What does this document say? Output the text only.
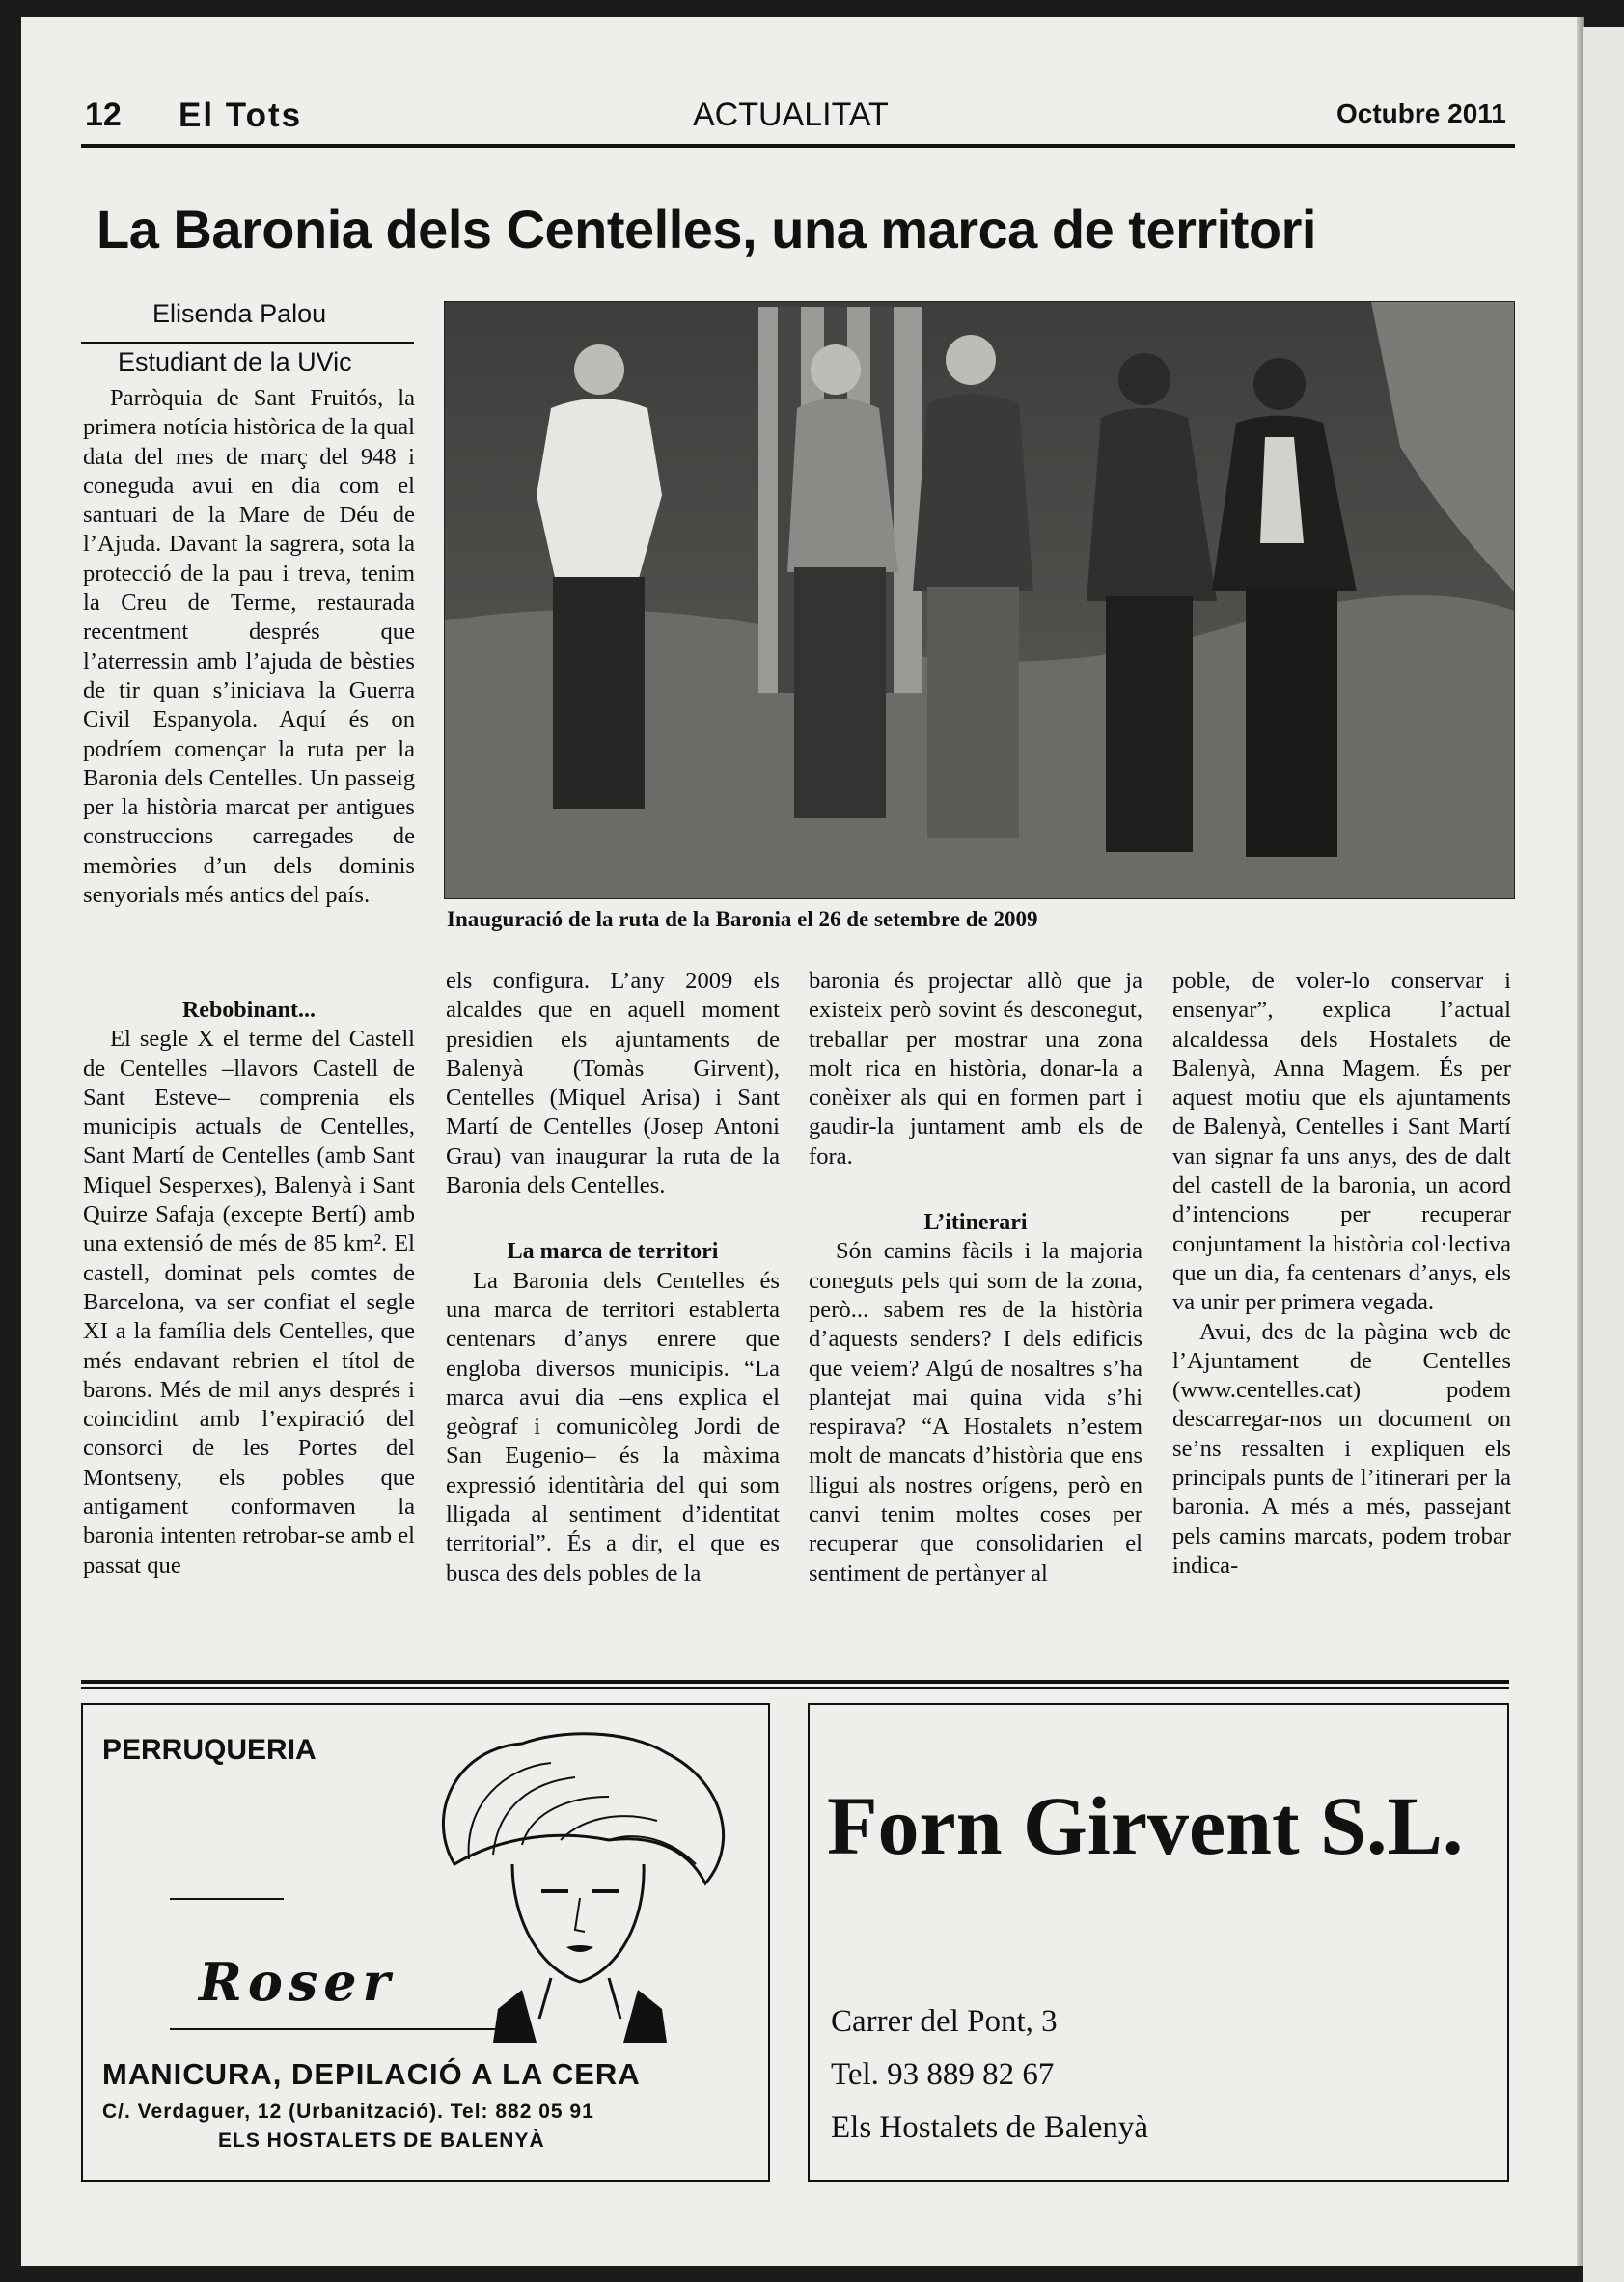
12 El Tots	ACTUALITAT	Octubre 2011
La Baronia dels Centelles, una marca de territori
Elisenda Palou
Estudiant de la UVic
Inauguració de la ruta de la Baronia el 26 de setembre de 2009

Parròquia de Sant Fruitós, la primera notícia històrica de la qual data del mes de març del 948 i coneguda avui en dia com el santuari de la Mare de Déu de l’Ajuda. Davant la sagrera, sota la protecció de la pau i treva, tenim la Creu de Terme, restaurada recentment després que l’aterressin amb l’ajuda de bèsties de tir quan s’iniciava la Guerra Civil Espanyola. Aquí és on podríem començar la ruta per la Baronia dels Centelles. Un passeig per la història marcat per antigues construccions carregades de memòries d’un dels dominis senyorials més antics del país.

Rebobinant...

El segle X el terme del Castell de Centelles –llavors Castell de Sant Esteve– comprenia els municipis actuals de Centelles, Sant Martí de Centelles (amb Sant Miquel Sesperxes), Balenyà i Sant Quirze Safaja (excepte Bertí) amb una extensió de més de 85 km². El castell, dominat pels comtes de Barcelona, va ser confiat el segle XI a la família dels Centelles, que més endavant rebrien el títol de barons. Més de mil anys després i coincidint amb l’expiració del consorci de les Portes del Montseny, els pobles que antigament conformaven la baronia intenten retrobar-se amb el passat que

els configura. L’any 2009 els alcaldes que en aquell moment presidien els ajuntaments de Balenyà (Tomàs Girvent), Centelles (Miquel Arisa) i Sant Martí de Centelles (Josep Antoni Grau) van inaugurar la ruta de la Baronia dels Centelles.

La marca de territori

La Baronia dels Centelles és una marca de territori establerta centenars d’anys enrere que engloba diversos municipis. “La marca avui dia –ens explica el geògraf i comunicòleg Jordi de San Eugenio– és la màxima expressió identitària del qui som lligada al sentiment d’identitat territorial”. És a dir, el que es busca des dels pobles de la

baronia és projectar allò que ja existeix però sovint és desconegut, treballar per mostrar una zona molt rica en història, donar-la a conèixer als qui en formen part i gaudir-la juntament amb els de fora.

L’itinerari

Són camins fàcils i la majoria coneguts pels qui som de la zona, però... sabem res de la història d’aquests senders? I dels edificis que veiem? Algú de nosaltres s’ha plantejat mai quina vida s’hi respirava? “A Hostalets n’estem molt de mancats d’història que ens lligui als nostres orígens, però en canvi tenim moltes coses per recuperar que consolidarien el sentiment de pertànyer al

poble, de voler-lo conservar i ensenyar”, explica l’actual alcaldessa dels Hostalets de Balenyà, Anna Magem. És per aquest motiu que els ajuntaments de Balenyà, Centelles i Sant Martí van signar fa uns anys, des de dalt del castell de la baronia, un acord d’intencions per recuperar conjuntament la història col·lectiva que un dia, fa centenars d’anys, els va unir per primera vegada.

Avui, des de la pàgina web de l’Ajuntament de Centelles (www.centelles.cat) podem descarregar-nos un document on se’ns ressalten i expliquen els principals punts de l’itinerari per la baronia. A més a més, passejant pels camins marcats, podem trobar indica-

PERRUQUERIA
Roser
MANICURA, DEPILACIÓ A LA CERA
C/. Verdaguer, 12 (Urbanització). Tel: 882 05 91
ELS HOSTALETS DE BALENYÀ
Forn Girvent S.L.
Carrer del Pont, 3
Tel. 93 889 82 67
Els Hostalets de Balenyà
